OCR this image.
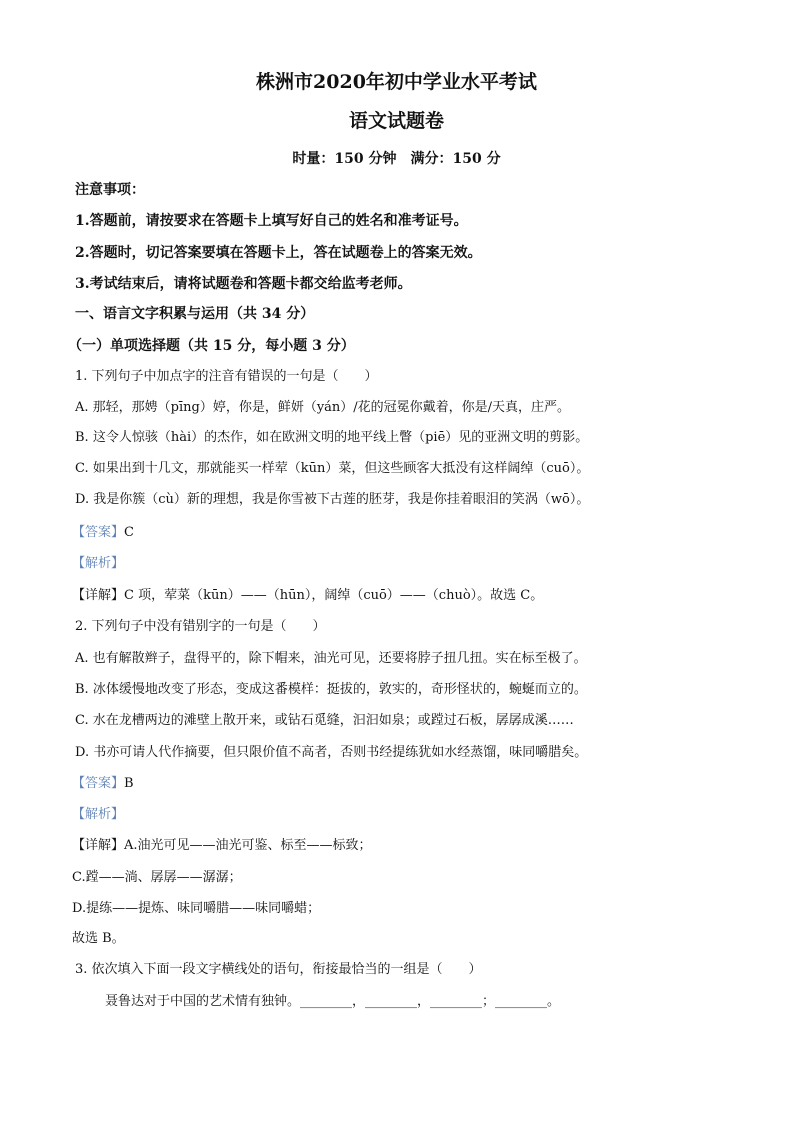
株洲市2020年初中学业水平考试
语文试题卷
时量：150 分钟　满分：150 分
注意事项：
1.答题前，请按要求在答题卡上填写好自己的姓名和准考证号。
2.答题时，切记答案要填在答题卡上，答在试题卷上的答案无效。
3.考试结束后，请将试题卷和答题卡都交给监考老师。
一、语言文字积累与运用（共 34 分）
（一）单项选择题（共 15 分，每小题 3 分）
1. 下列句子中加点字的注音有错误的一句是（　　）
A. 那轻，那娉（pīng）婷，你是，鲜妍（yán）/花的冠冕你戴着，你是/天真，庄严。
B. 这令人惊骇（hài）的杰作，如在欧洲文明的地平线上瞥（piē）见的亚洲文明的剪影。
C. 如果出到十几文，那就能买一样荤（kūn）菜，但这些顾客大抵没有这样阔绰（cuō）。
D. 我是你簇（cù）新的理想，我是你雪被下古莲的胚芽，我是你挂着眼泪的笑涡（wō）。
【答案】C
【解析】
【详解】C 项，荤菜（kūn）——（hūn），阔绰（cuō）——（chuò）。故选 C。
2. 下列句子中没有错别字的一句是（　　）
A. 也有解散辫子，盘得平的，除下帽来，油光可见，还要将脖子扭几扭。实在标至极了。
B. 冰体缓慢地改变了形态，变成这番模样：挺拔的，敦实的，奇形怪状的，蜿蜒而立的。
C. 水在龙槽两边的滩壁上散开来，或钻石觅缝，汩汩如泉；或蹚过石板，孱孱成溪……
D. 书亦可请人代作摘要，但只限价值不高者，否则书经提练犹如水经蒸馏，味同嚼腊矣。
【答案】B
【解析】
【详解】A.油光可见——油光可鉴、标至——标致；
C.蹚——淌、孱孱——潺潺；
D.提练——提炼、味同嚼腊——味同嚼蜡；
故选 B。
3. 依次填入下面一段文字横线处的语句，衔接最恰当的一组是（　　）
聂鲁达对于中国的艺术情有独钟。________，________，________；________。
